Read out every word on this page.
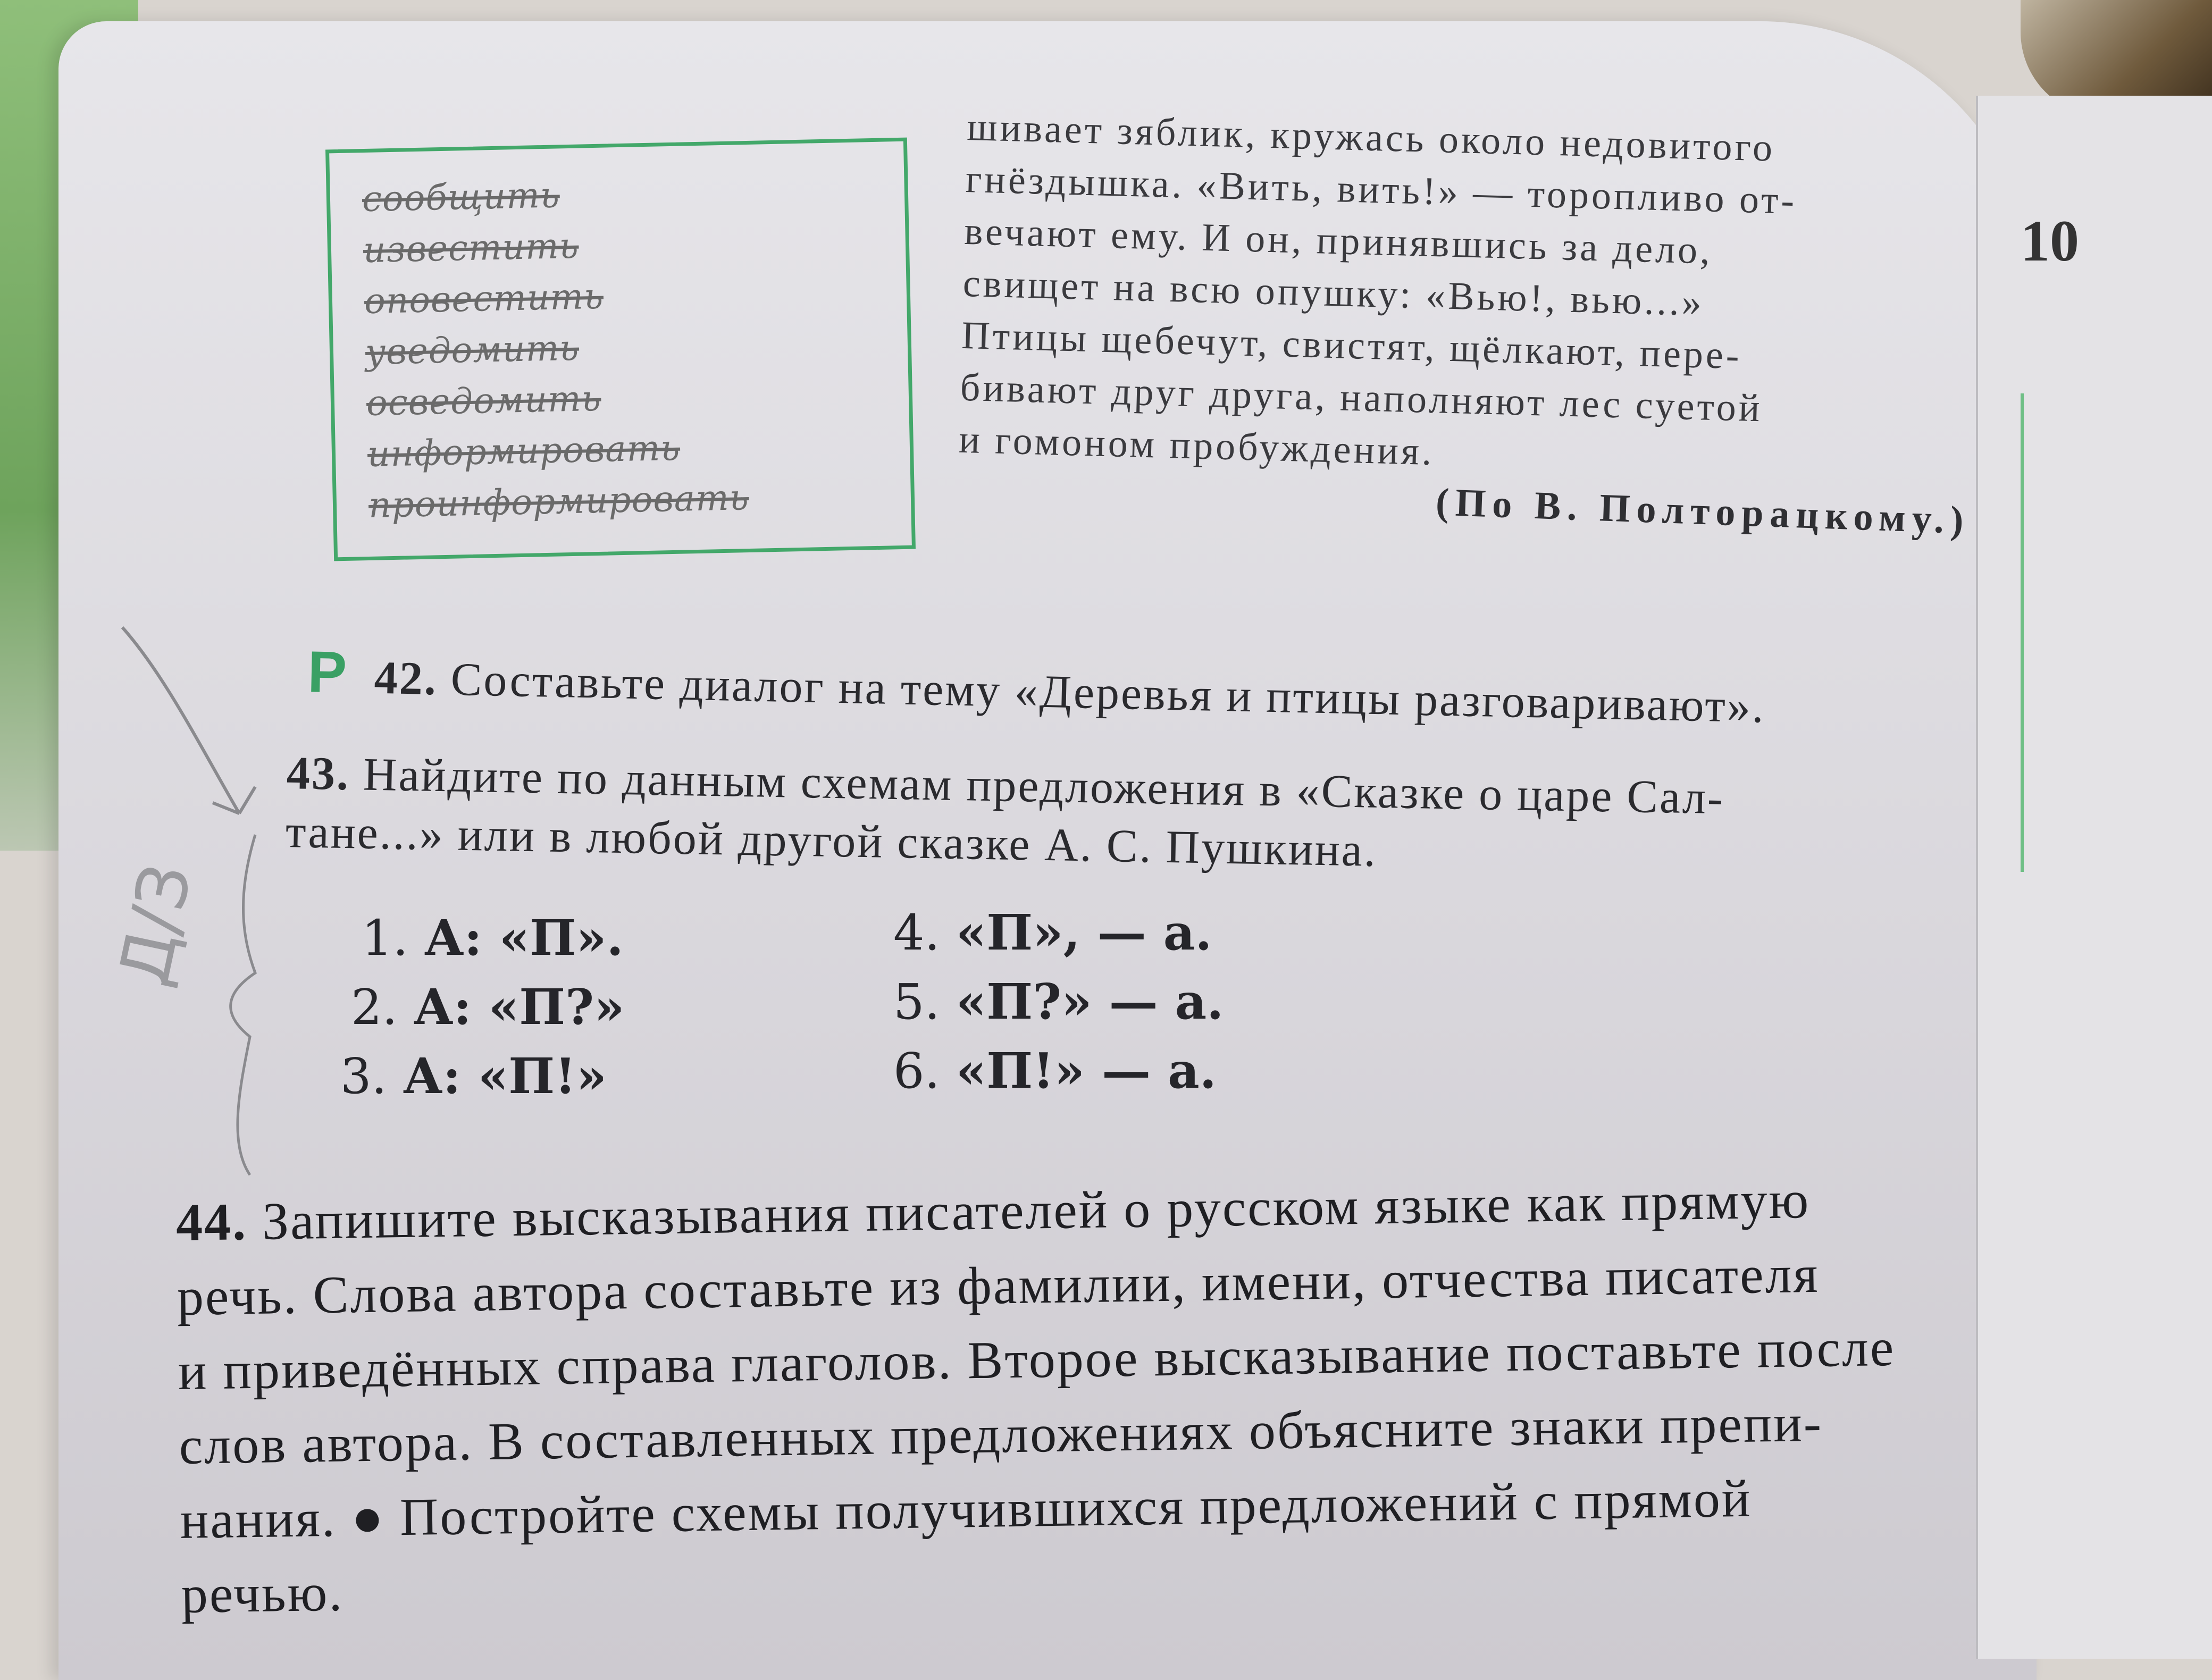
10
сообщить
известить
оповестить
уведомить
осведомить
информировать
проинформировать

шивает зяблик, кружась около недовитого

гнёздышка. «Вить, вить!» — торопливо от-

вечают ему. И он, принявшись за дело,

свищет на всю опушку: «Вью!, вью...»

Птицы щебечут, свистят, щёлкают, пере-

бивают друг друга, наполняют лес суетой

и гомоном пробуждения.

(По В. Полторацкому.)

Р 42. Составьте диалог на тему «Деревья и птицы разговаривают».

43. Найдите по данным схемам предложения в «Сказке о царе Сал-

тане...» или в любой другой сказке А. С. Пушкина.

1. А: «П».
2. А: «П?»
3. А: «П!»
4. «П», — а.
5. «П?» — а.
6. «П!» — а.

44. Запишите высказывания писателей о русском языке как прямую

речь. Слова автора составьте из фамилии, имени, отчества писателя

и приведённых справа глаголов. Второе высказывание поставьте после

слов автора. В составленных предложениях объясните знаки препи-

нания. ● Постройте схемы получившихся предложений с прямой

речью.

Д/З
